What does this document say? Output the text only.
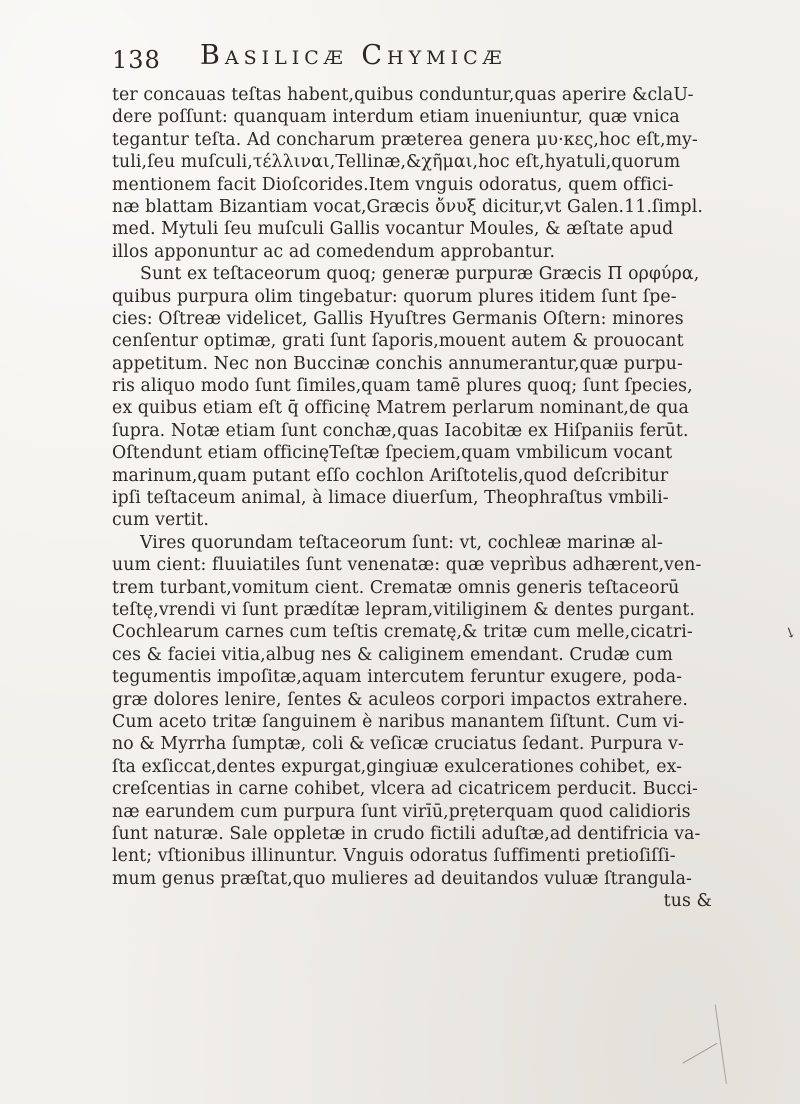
138 Basilicæ Chymicæ
ter concauas teſtas habent,quibus conduntur,quas aperire &claU-
dere poſſunt: quanquam interdum etiam inueniuntur, quæ vnica
tegantur teſta. Ad concharum præterea genera μυ·κες,hoc eſt,my-
tuli,ſeu muſculi,τέλλιναι,Tellinæ,&χῆμαι,hoc eſt,hyatuli,quorum
mentionem facit Dioſcorides.Item vnguis odoratus, quem offici-
næ blattam Bizantiam vocat,Græcis ὄνυξ dicitur,vt Galen.11.ſimpl.
med. Mytuli ſeu muſculi Gallis vocantur Moules, & æſtate apud
illos apponuntur ac ad comedendum approbantur.
Sunt ex teſtaceorum quoq; generæ purpuræ Græcis Π ορφύρα,
quibus purpura olim tingebatur: quorum plures itidem ſunt ſpe-
cies: Oſtreæ videlicet, Gallis Hyuſtres Germanis Oſtern: minores
cenſentur optimæ, grati ſunt ſaporis,mouent autem & prouocant
appetitum. Nec non Buccinæ conchis annumerantur,quæ purpu-
ris aliquo modo ſunt ſimiles,quam tamē plures quoq; ſunt ſpecies,
ex quibus etiam eſt q̄ officinę Matrem perlarum nominant,de qua
ſupra. Notæ etiam ſunt conchæ,quas Iacobitæ ex Hiſpaniis ferūt.
Oſtendunt etiam officinęTeſtæ ſpeciem,quam vmbilicum vocant
marinum,quam putant eſſo cochlon Ariſtotelis,quod deſcribitur
ipſi teſtaceum animal, à limace diuerſum, Theophraſtus vmbili-
cum vertit.
Vires quorundam teſtaceorum ſunt: vt, cochleæ marinæ al-
uum cient: fluuiatiles ſunt venenatæ: quæ veprìbus adhærent,ven-
trem turbant,vomitum cient. Crematæ omnis generis teſtaceorū
teſtę,vrendi vi ſunt prædítæ lepram,vitiliginem & dentes purgant.
Cochlearum carnes cum teſtis crematę,& tritæ cum melle,cicatri-
ces & faciei vitia,albug nes & caliginem emendant. Crudæ cum
tegumentis impoſitæ,aquam intercutem feruntur exugere, poda-
græ dolores lenire, ſentes & aculeos corpori impactos extrahere.
Cum aceto tritæ ſanguinem è naribus manantem ſiſtunt. Cum vi-
no & Myrrha ſumptæ, coli & veſicæ cruciatus ſedant. Purpura v-
ſta exſiccat,dentes expurgat,gingiuæ exulcerationes cohibet, ex-
creſcentias in carne cohibet, vlcera ad cicatricem perducit. Bucci-
næ earundem cum purpura ſunt virīū,prẹterquam quod calidioris
ſunt naturæ. Sale oppletæ in crudo fictili aduſtæ,ad dentifricia va-
lent; vſtionibus illinuntur. Vnguis odoratus ſuffimenti pretioſiſſi-
mum genus præſtat,quo mulieres ad deuitandos vuluæ ſtrangula-
tus &
↘
